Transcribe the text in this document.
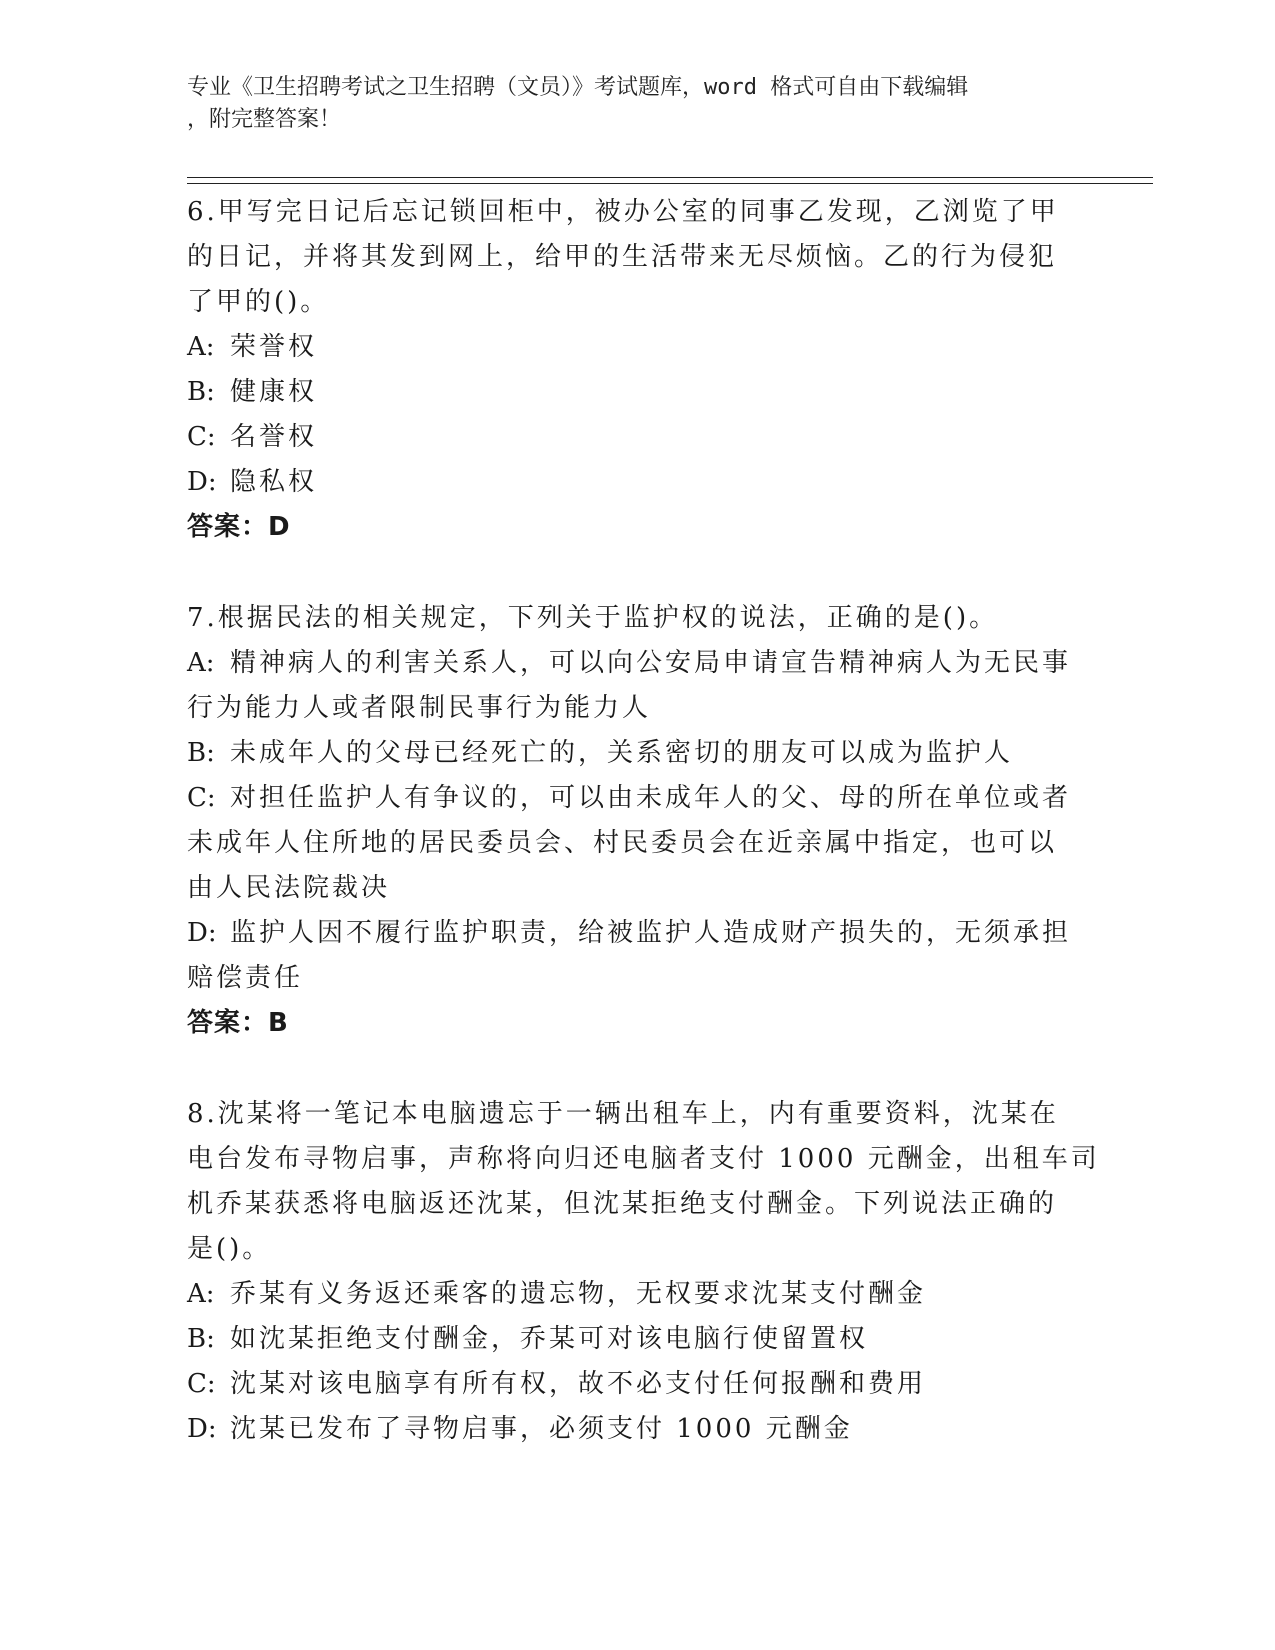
专业《卫生招聘考试之卫生招聘（文员）》考试题库，word 格式可自由下载编辑
，附完整答案！
6.甲写完日记后忘记锁回柜中，被办公室的同事乙发现，乙浏览了甲
的日记，并将其发到网上，给甲的生活带来无尽烦恼。乙的行为侵犯
了甲的()。
A: 荣誉权
B: 健康权
C: 名誉权
D: 隐私权
答案：D
7.根据民法的相关规定，下列关于监护权的说法，正确的是()。
A: 精神病人的利害关系人，可以向公安局申请宣告精神病人为无民事
行为能力人或者限制民事行为能力人
B: 未成年人的父母已经死亡的，关系密切的朋友可以成为监护人
C: 对担任监护人有争议的，可以由未成年人的父、母的所在单位或者
未成年人住所地的居民委员会、村民委员会在近亲属中指定，也可以
由人民法院裁决
D: 监护人因不履行监护职责，给被监护人造成财产损失的，无须承担
赔偿责任
答案：B
8.沈某将一笔记本电脑遗忘于一辆出租车上，内有重要资料，沈某在
电台发布寻物启事，声称将向归还电脑者支付 1000 元酬金，出租车司
机乔某获悉将电脑返还沈某，但沈某拒绝支付酬金。下列说法正确的
是()。
A: 乔某有义务返还乘客的遗忘物，无权要求沈某支付酬金
B: 如沈某拒绝支付酬金，乔某可对该电脑行使留置权
C: 沈某对该电脑享有所有权，故不必支付任何报酬和费用
D: 沈某已发布了寻物启事，必须支付 1000 元酬金
